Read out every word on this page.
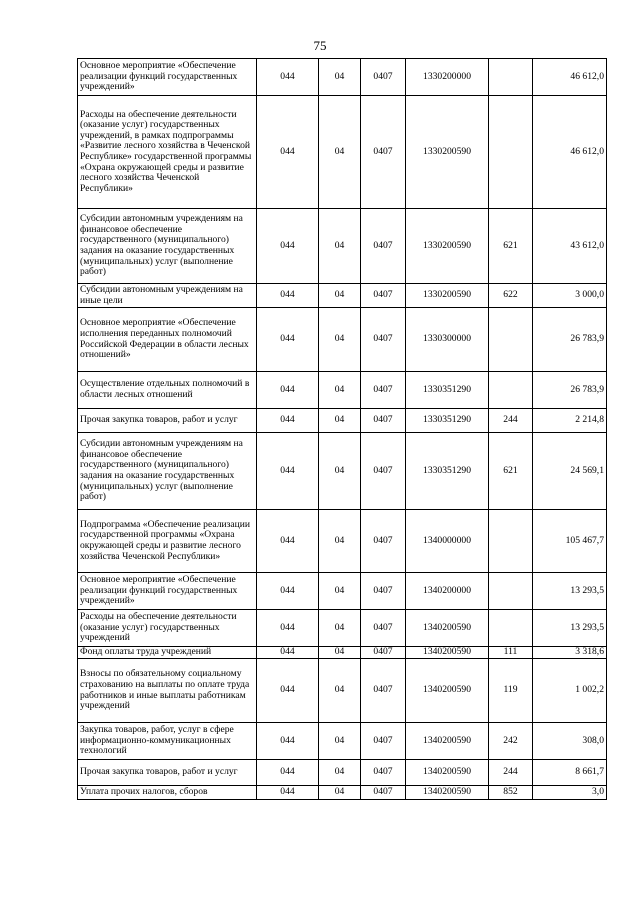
75
Основное мероприятие «Обеспечение реализации функций государственных учреждений»	044	04	0407	1330200000		46 612,0
Расходы на обеспечение деятельности (оказание услуг) государственных учреждений, в рамках подпрограммы «Развитие лесного хозяйства в Чеченской Республике» государственной программы «Охрана окружающей среды и развитие лесного хозяйства Чеченской Республики»	044	04	0407	1330200590		46 612,0
Субсидии автономным учреждениям на финансовое обеспечение государственного (муниципального) задания на оказание государственных (муниципальных) услуг (выполнение работ)	044	04	0407	1330200590	621	43 612,0
Субсидии автономным учреждениям на иные цели	044	04	0407	1330200590	622	3 000,0
Основное мероприятие «Обеспечение исполнения переданных полномочий Российской Федерации в области лесных отношений»	044	04	0407	1330300000		26 783,9
Осуществление отдельных полномочий в области лесных отношений	044	04	0407	1330351290		26 783,9
Прочая закупка товаров, работ и услуг	044	04	0407	1330351290	244	2 214,8
Субсидии автономным учреждениям на финансовое обеспечение государственного (муниципального) задания на оказание государственных (муниципальных) услуг (выполнение работ)	044	04	0407	1330351290	621	24 569,1
Подпрограмма «Обеспечение реализации государственной программы «Охрана окружающей среды и развитие лесного хозяйства Чеченской Республики»	044	04	0407	1340000000		105 467,7
Основное мероприятие «Обеспечение реализации функций государственных учреждений»	044	04	0407	1340200000		13 293,5
Расходы на обеспечение деятельности (оказание услуг) государственных учреждений	044	04	0407	1340200590		13 293,5
Фонд оплаты труда учреждений	044	04	0407	1340200590	111	3 318,6
Взносы по обязательному социальному страхованию на выплаты по оплате труда работников и иные выплаты работникам учреждений	044	04	0407	1340200590	119	1 002,2
Закупка товаров, работ, услуг в сфере информационно-коммуникационных технологий	044	04	0407	1340200590	242	308,0
Прочая закупка товаров, работ и услуг	044	04	0407	1340200590	244	8 661,7
Уплата прочих налогов, сборов	044	04	0407	1340200590	852	3,0
